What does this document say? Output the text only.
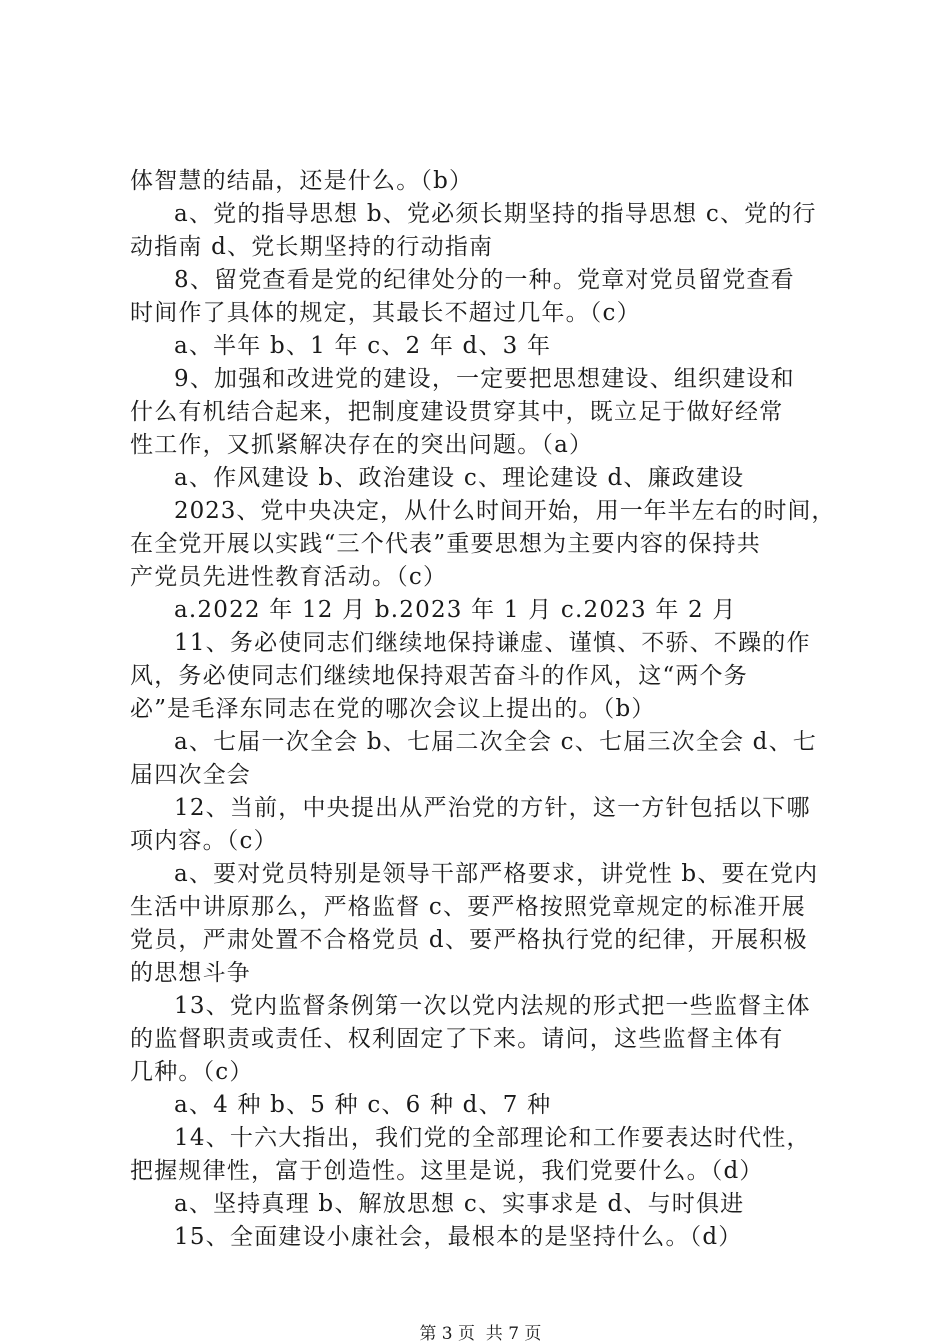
体智慧的结晶，还是什么。（b）
a、党的指导思想 b、党必须长期坚持的指导思想 c、党的行
动指南 d、党长期坚持的行动指南
8、留党查看是党的纪律处分的一种。党章对党员留党查看
时间作了具体的规定，其最长不超过几年。（c）
a、半年 b、1 年 c、2 年 d、3 年
9、加强和改进党的建设，一定要把思想建设、组织建设和
什么有机结合起来，把制度建设贯穿其中，既立足于做好经常
性工作，又抓紧解决存在的突出问题。（a）
a、作风建设 b、政治建设 c、理论建设 d、廉政建设
2023、党中央决定，从什么时间开始，用一年半左右的时间，
在全党开展以实践“三个代表”重要思想为主要内容的保持共
产党员先进性教育活动。（c）
a.2022 年 12 月 b.2023 年 1 月 c.2023 年 2 月
11、务必使同志们继续地保持谦虚、谨慎、不骄、不躁的作
风，务必使同志们继续地保持艰苦奋斗的作风，这“两个务
必”是毛泽东同志在党的哪次会议上提出的。（b）
a、七届一次全会 b、七届二次全会 c、七届三次全会 d、七
届四次全会
12、当前，中央提出从严治党的方针，这一方针包括以下哪
项内容。（c）
a、要对党员特别是领导干部严格要求，讲党性 b、要在党内
生活中讲原那么，严格监督 c、要严格按照党章规定的标准开展
党员，严肃处置不合格党员 d、要严格执行党的纪律，开展积极
的思想斗争
13、党内监督条例第一次以党内法规的形式把一些监督主体
的监督职责或责任、权利固定了下来。请问，这些监督主体有
几种。（c）
a、4 种 b、5 种 c、6 种 d、7 种
14、十六大指出，我们党的全部理论和工作要表达时代性，
把握规律性，富于创造性。这里是说，我们党要什么。（d）
a、坚持真理 b、解放思想 c、实事求是 d、与时俱进
15、全面建设小康社会，最根本的是坚持什么。（d）

第 3 页  共 7 页
